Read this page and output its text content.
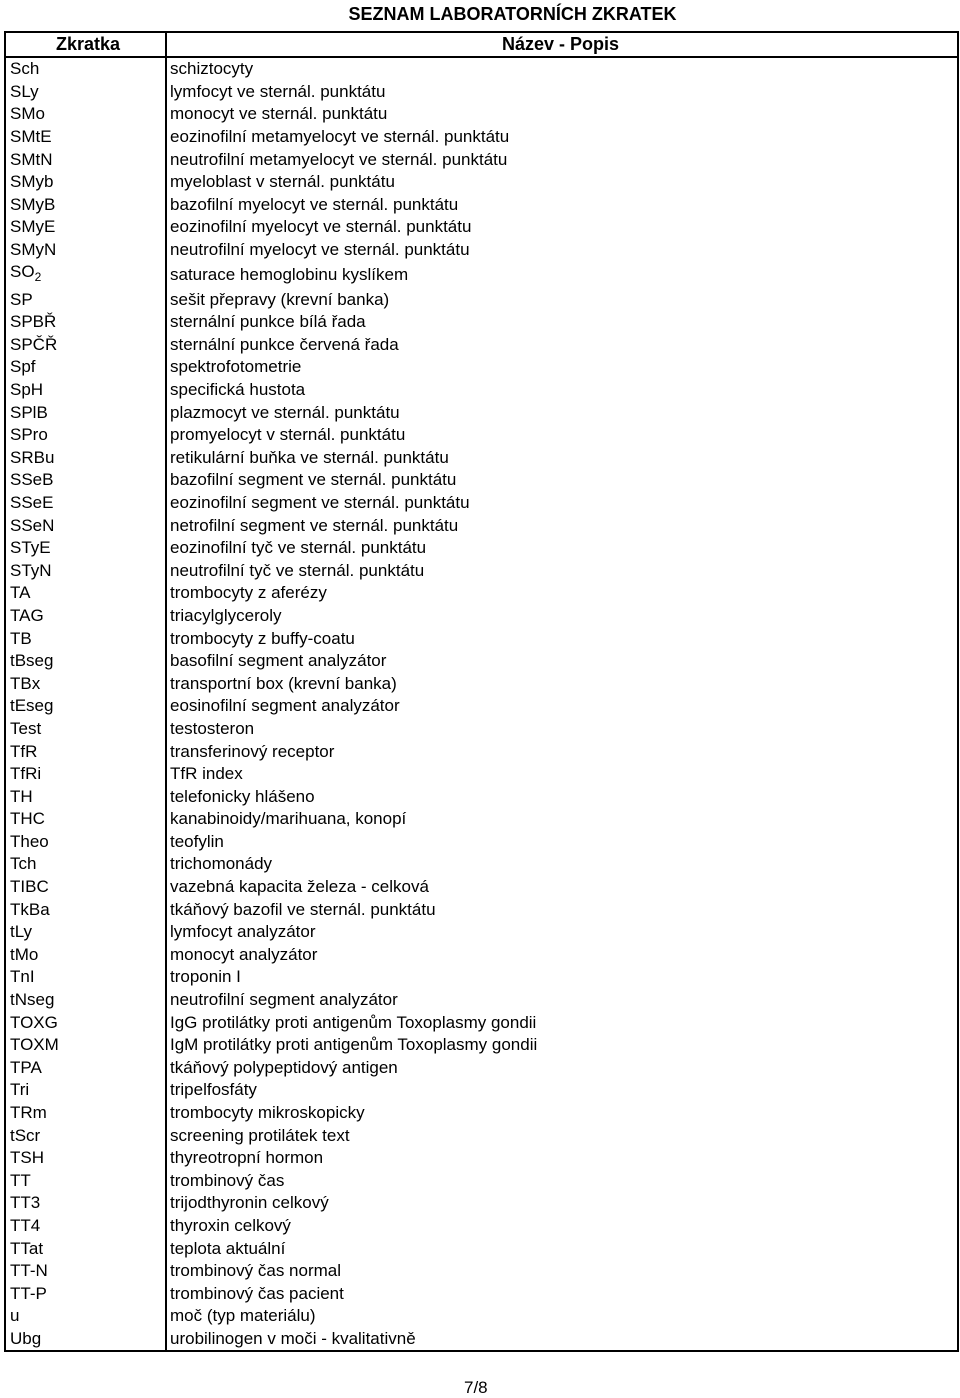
SEZNAM LABORATORNÍCH ZKRATEK
Zkratka	Název - Popis
Sch	schiztocyty
SLy	lymfocyt ve sternál. punktátu
SMo	monocyt ve sternál. punktátu
SMtE	eozinofilní metamyelocyt ve sternál. punktátu
SMtN	neutrofilní metamyelocyt ve sternál. punktátu
SMyb	myeloblast v sternál. punktátu
SMyB	bazofilní myelocyt ve sternál. punktátu
SMyE	eozinofilní myelocyt ve sternál. punktátu
SMyN	neutrofilní myelocyt ve sternál. punktátu
$SO_2$	saturace hemoglobinu kyslíkem
SP	sešit přepravy (krevní banka)
SPBŘ	sternální punkce bílá řada
SPČŘ	sternální punkce červená řada
Spf	spektrofotometrie
SpH	specifická hustota
SPlB	plazmocyt ve sternál. punktátu
SPro	promyelocyt v sternál. punktátu
SRBu	retikulární buňka ve sternál. punktátu
SSeB	bazofilní segment ve sternál. punktátu
SSeE	eozinofilní segment ve sternál. punktátu
SSeN	netrofilní segment ve sternál. punktátu
STyE	eozinofilní tyč ve sternál. punktátu
STyN	neutrofilní tyč ve sternál. punktátu
TA	trombocyty z aferézy
TAG	triacylglyceroly
TB	trombocyty z buffy-coatu
tBseg	basofilní segment analyzátor
TBx	transportní box (krevní banka)
tEseg	eosinofilní segment analyzátor
Test	testosteron
TfR	transferinový receptor
TfRi	TfR index
TH	telefonicky hlášeno
THC	kanabinoidy/marihuana, konopí
Theo	teofylin
Tch	trichomonády
TIBC	vazebná kapacita železa - celková
TkBa	tkáňový bazofil ve sternál. punktátu
tLy	lymfocyt analyzátor
tMo	monocyt analyzátor
TnI	troponin I
tNseg	neutrofilní segment analyzátor
TOXG	IgG protilátky proti antigenům Toxoplasmy gondii
TOXM	IgM protilátky proti antigenům Toxoplasmy gondii
TPA	tkáňový polypeptidový antigen
Tri	tripelfosfáty
TRm	trombocyty mikroskopicky
tScr	screening protilátek text
TSH	thyreotropní hormon
TT	trombinový čas
TT3	trijodthyronin celkový
TT4	thyroxin celkový
TTat	teplota aktuální
TT-N	trombinový čas normal
TT-P	trombinový čas pacient
u	moč (typ materiálu)
Ubg	urobilinogen v moči - kvalitativně
7/8
